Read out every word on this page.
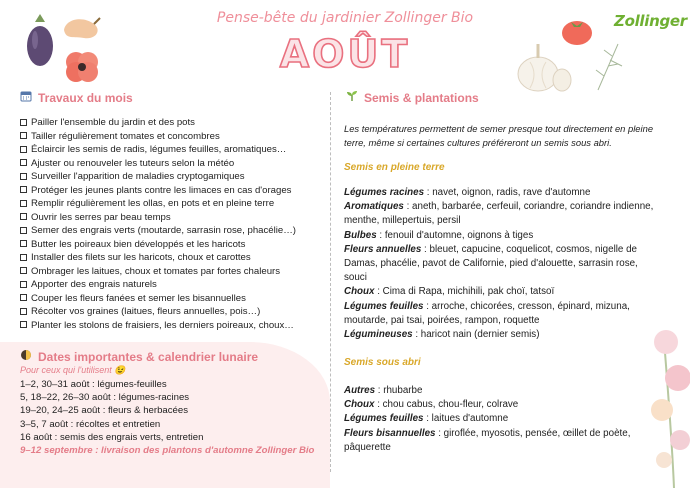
Pense-bête du jardinier Zollinger Bio
AOÛT
Zollinger
Travaux du mois
Pailler l'ensemble du jardin et des pots
Tailler régulièrement tomates et concombres
Éclaircir les semis de radis, légumes feuilles, aromatiques…
Ajuster ou renouveler les tuteurs selon la météo
Surveiller l'apparition de maladies cryptogamiques
Protéger les jeunes plants contre les limaces en cas d'orages
Remplir régulièrement les ollas, en pots et en pleine terre
Ouvrir les serres par beau temps
Semer des engrais verts (moutarde, sarrasin rose, phacélie…)
Butter les poireaux bien développés et les haricots
Installer des filets sur les haricots, choux et carottes
Ombrager les laitues, choux et tomates par fortes chaleurs
Apporter des engrais naturels
Couper les fleurs fanées et semer les bisannuelles
Récolter vos graines (laitues, fleurs annuelles, pois…)
Planter les stolons de fraisiers, les derniers poireaux, choux…
Dates importantes & calendrier lunaire
Pour ceux qui l'utilisent 😉
1–2, 30–31 août : légumes-feuilles
5, 18–22, 26–30 août : légumes-racines
19–20, 24–25 août : fleurs & herbacées
3–5, 7 août : récoltes et entretien
16 août : semis des engrais verts, entretien
9–12 septembre : livraison des plantons d'automne Zollinger Bio
Semis & plantations
Les températures permettent de semer presque tout directement en pleine terre, même si certaines cultures préféreront un semis sous abri.
Semis en pleine terre
Légumes racines : navet, oignon, radis, rave d'automne
Aromatiques : aneth, barbarée, cerfeuil, coriandre, coriandre indienne, menthe, millepertuis, persil
Bulbes : fenouil d'automne, oignons à tiges
Fleurs annuelles : bleuet, capucine, coquelicot, cosmos, nigelle de Damas, phacélie, pavot de Californie, pied d'alouette, sarrasin rose, souci
Choux : Cima di Rapa, michihili, pak choï, tatsoï
Légumes feuilles : arroche, chicorées, cresson, épinard, mizuna, moutarde, pai tsai, poirées, rampon, roquette
Légumineuses : haricot nain (dernier semis)
Semis sous abri
Autres : rhubarbe
Choux : chou cabus, chou-fleur, colrave
Légumes feuilles : laitues d'automne
Fleurs bisannuelles : giroflée, myosotis, pensée, œillet de poète, pâquerette
